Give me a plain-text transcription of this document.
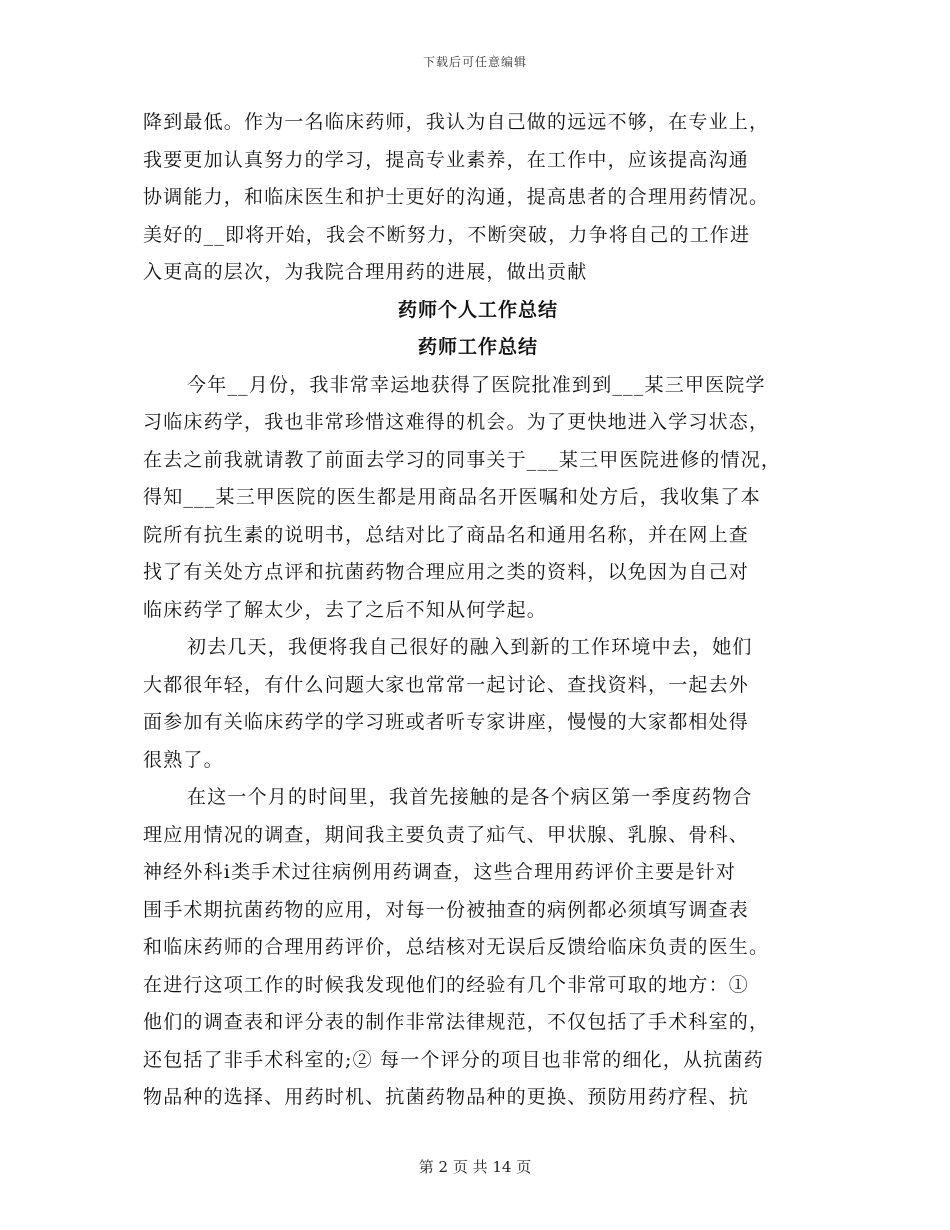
下载后可任意编辑
降到最低。作为一名临床药师，我认为自己做的远远不够，在专业上，
我要更加认真努力的学习，提高专业素养，在工作中，应该提高沟通
协调能力，和临床医生和护士更好的沟通，提高患者的合理用药情况。
美好的__即将开始，我会不断努力，不断突破，力争将自己的工作进
入更高的层次，为我院合理用药的进展，做出贡献
药师个人工作总结
药师工作总结
今年__月份，我非常幸运地获得了医院批准到到___某三甲医院学
习临床药学，我也非常珍惜这难得的机会。为了更快地进入学习状态，
在去之前我就请教了前面去学习的同事关于___某三甲医院进修的情况，
得知___某三甲医院的医生都是用商品名开医嘱和处方后，我收集了本
院所有抗生素的说明书，总结对比了商品名和通用名称，并在网上查
找了有关处方点评和抗菌药物合理应用之类的资料，以免因为自己对
临床药学了解太少，去了之后不知从何学起。
初去几天，我便将我自己很好的融入到新的工作环境中去，她们
大都很年轻，有什么问题大家也常常一起讨论、查找资料，一起去外
面参加有关临床药学的学习班或者听专家讲座，慢慢的大家都相处得
很熟了。
在这一个月的时间里，我首先接触的是各个病区第一季度药物合
理应用情况的调查，期间我主要负责了疝气、甲状腺、乳腺、骨科、
神经外科ⅰ类手术过往病例用药调查，这些合理用药评价主要是针对
围手术期抗菌药物的应用，对每一份被抽查的病例都必须填写调查表
和临床药师的合理用药评价，总结核对无误后反馈给临床负责的医生。
在进行这项工作的时候我发现他们的经验有几个非常可取的地方：①
他们的调查表和评分表的制作非常法律规范，不仅包括了手术科室的，
还包括了非手术科室的;② 每一个评分的项目也非常的细化，从抗菌药
物品种的选择、用药时机、抗菌药物品种的更换、预防用药疗程、抗
第 2 页 共 14 页
